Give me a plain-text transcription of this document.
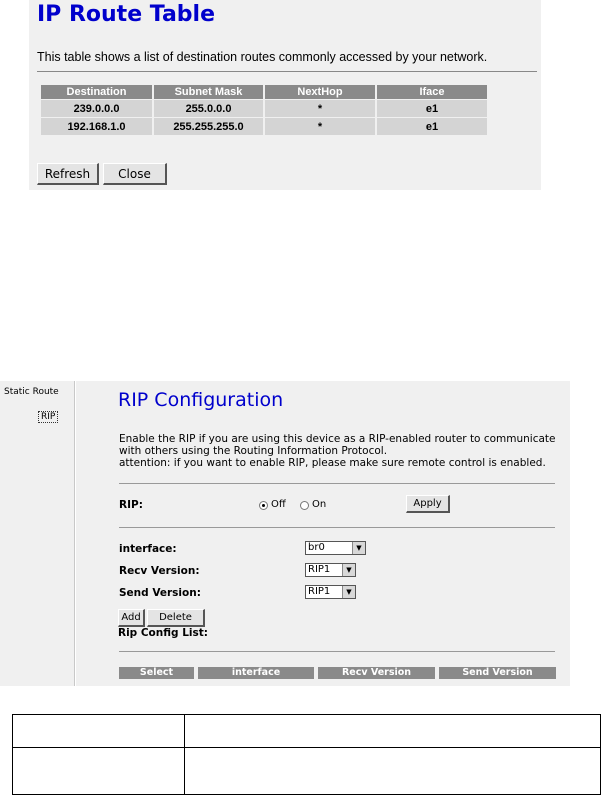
IP Route Table
This table shows a list of destination routes commonly accessed by your network.
Destination	Subnet Mask	NextHop	Iface
239.0.0.0	255.0.0.0	*	e1
192.168.1.0	255.255.255.0	*	e1
Refresh	Close
Static Route
RIP
RIP Configuration
Enable the RIP if you are using this device as a RIP-enabled router to communicate
with others using the Routing Information Protocol.
attention: if you want to enable RIP, please make sure remote control is enabled.
RIP:	Off	On	Apply
interface:	br0	▼
Recv Version:	RIP1	▼
Send Version:	RIP1	▼
Add	Delete
Rip Config List:
Select	interface	Recv Version	Send Version
